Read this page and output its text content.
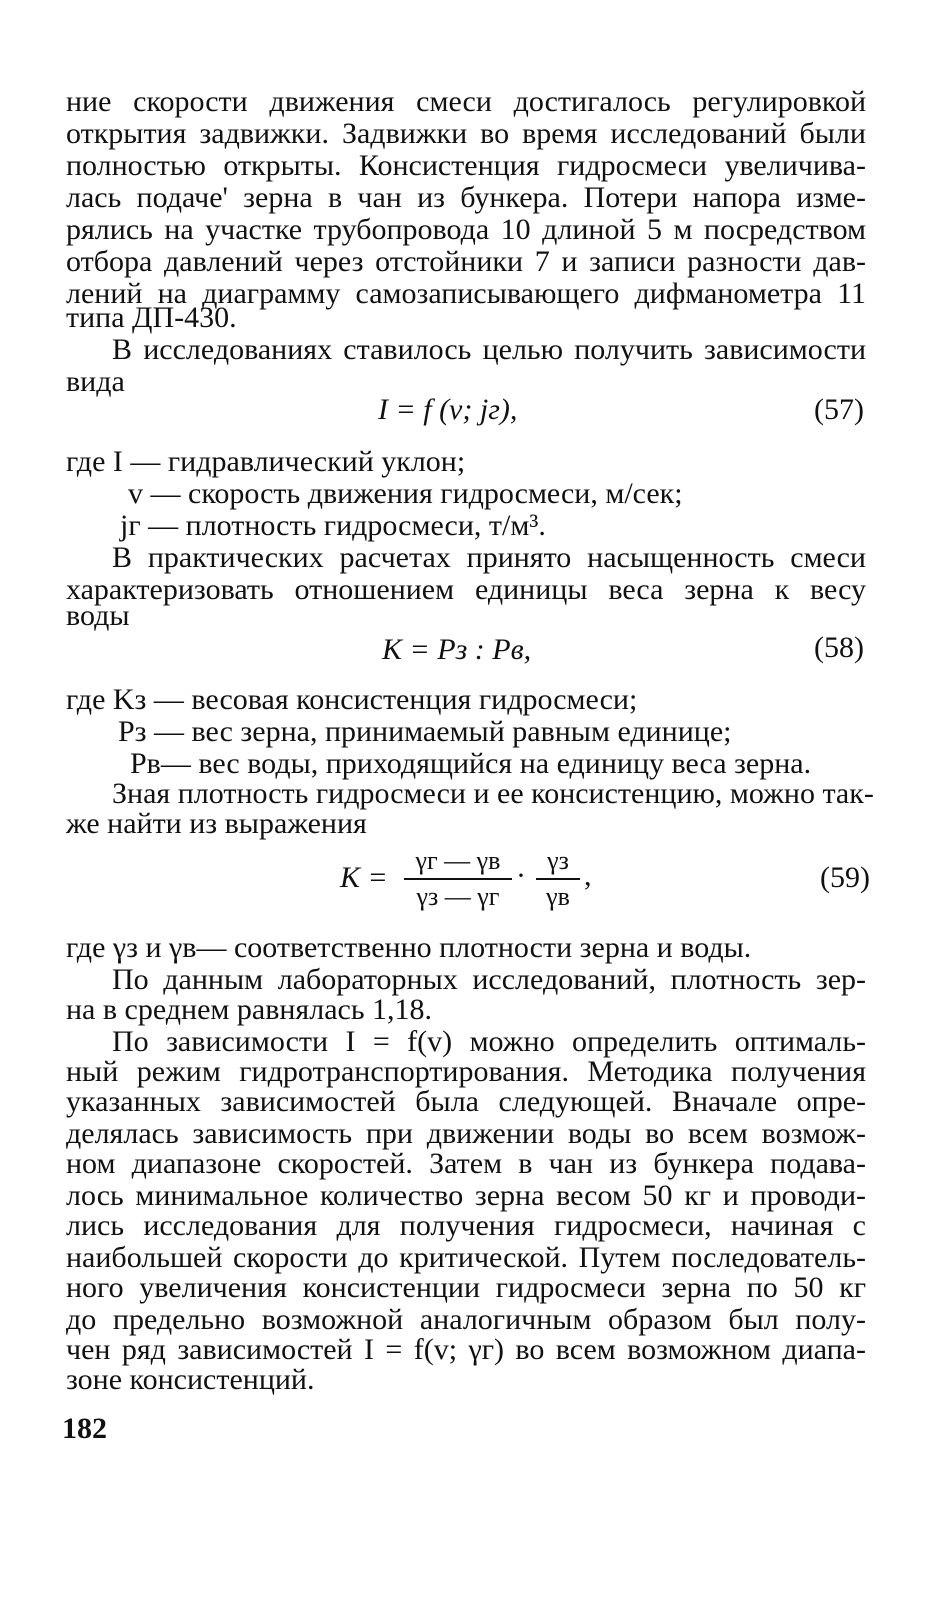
ние скорости движения смеси достигалось регулировкой
открытия задвижки. Задвижки во время исследований были
полностью открыты. Консистенция гидросмеси увеличива-
лась подаче' зерна в чан из бункера. Потери напора изме-
рялись на участке трубопровода 10 длиной 5 м посредством
отбора давлений через отстойники 7 и записи разности дав-
лений на диаграмму самозаписывающего дифманометра 11
типа ДП-430.
В исследованиях ставилось целью получить зависимости
вида
I = f (v; jг),	(57)
где I — гидравлический уклон;
v — скорость движения гидросмеси, м/сек;
jг — плотность гидросмеси, т/м³.
В практических расчетах принято насыщенность смеси
характеризовать отношением единицы веса зерна к весу
воды
K = Pз : Pв,	(58)
где Kз — весовая консистенция гидросмеси;
Pз — вес зерна, принимаемый равным единице;
Pв— вес воды, приходящийся на единицу веса зерна.
Зная плотность гидросмеси и ее консистенцию, можно так-
же найти из выражения
K =
γг — γв
γз — γг
· γз
γв
,	(59)
где γз и γв— соответственно плотности зерна и воды.
По данным лабораторных исследований, плотность зер-
на в среднем равнялась 1,18.
По зависимости I = f(v) можно определить оптималь-
ный режим гидротранспортирования. Методика получения
указанных зависимостей была следующей. Вначале опре-
делялась зависимость при движении воды во всем возмож-
ном диапазоне скоростей. Затем в чан из бункера подава-
лось минимальное количество зерна весом 50 кг и проводи-
лись исследования для получения гидросмеси, начиная с
наибольшей скорости до критической. Путем последователь-
ного увеличения консистенции гидросмеси зерна по 50 кг
до предельно возможной аналогичным образом был полу-
чен ряд зависимостей I = f(v; γг) во всем возможном диапа-
зоне консистенций.
182
